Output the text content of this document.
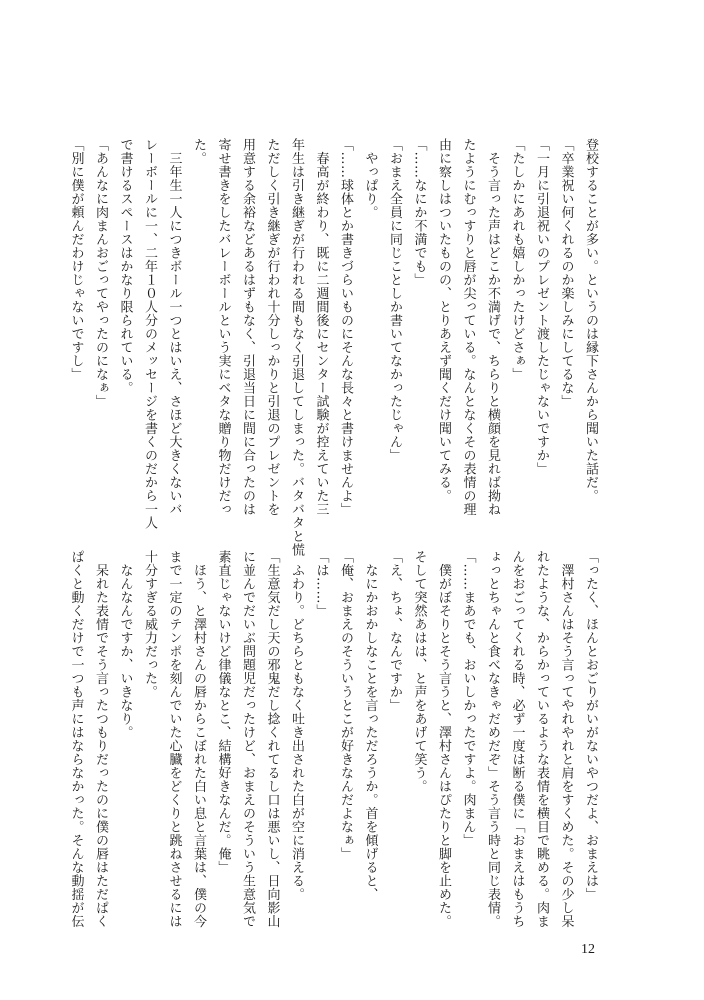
登校することが多い。というのは縁下さんから聞いた話だ。
「卒業祝い何くれるのか楽しみにしてるな」
「一月に引退祝いのプレゼント渡したじゃないですか」
「たしかにあれも嬉しかったけどさぁ」
　そう言った声はどこか不満げで、ちらりと横顔を見れば拗ね
たようにむっすりと唇が尖っている。なんとなくその表情の理
由に察しはついたものの、とりあえず聞くだけ聞いてみる。
「……なにか不満でも」
「おまえ全員に同じことしか書いてなかったじゃん」
　やっぱり。
「……球体とか書きづらいものにそんな長々と書けませんよ」
　春高が終わり、既に二週間後にセンター試験が控えていた三
年生は引き継ぎが行われる間もなく引退してしまった。バタバタと慌
ただしく引き継ぎが行われ十分しっかりと引退のプレゼントを
用意する余裕などあるはずもなく、引退当日に間に合ったのは
寄せ書きをしたバレーボールという実にベタな贈り物だけだっ
た。
　三年生一人につきボール一つとはいえ、さほど大きくないバ
レーボールに一、二年１０人分のメッセージを書くのだから一人
で書けるスペースはかなり限られている。
「あんなに肉まんおごってやったのになぁ」
「別に僕が頼んだわけじゃないですし」
「ったく、ほんとおごりがいがないやつだよ、おまえは」
　澤村さんはそう言ってやれやれと肩をすくめた。その少し呆
れたような、からかっているような表情を横目で眺める。肉ま
んをおごってくれる時、必ず一度は断る僕に「おまえはもうち
ょっとちゃんと食べなきゃだめだぞ」そう言う時と同じ表情。
「……まあでも、おいしかったですよ。肉まん」
　僕がぼそりとそう言うと、澤村さんはぴたりと脚を止めた。
そして突然あはは、と声をあげて笑う。
「え、ちょ、なんですか」
　なにかおかしなことを言っただろうか。首を傾げると、
「俺、おまえのそういうとこが好きなんだよなぁ」
「は……」
　ふわり。どちらともなく吐き出された白が空に消える。
「生意気だし天の邪鬼だし捻くれてるし口は悪いし、日向影山
に並んでだいぶ問題児だったけど、おまえのそういう生意気で
素直じゃないけど律儀なとこ、結構好きなんだ。俺」
　ほう、と澤村さんの唇からこぼれた白い息と言葉は、僕の今
まで一定のテンポを刻んでいた心臓をどくりと跳ねさせるには
十分すぎる威力だった。
　なんなんですか、いきなり。
　呆れた表情でそう言ったつもりだったのに僕の唇はただぱく
ぱくと動くだけで一つも声にはならなかった。そんな動揺が伝
12
